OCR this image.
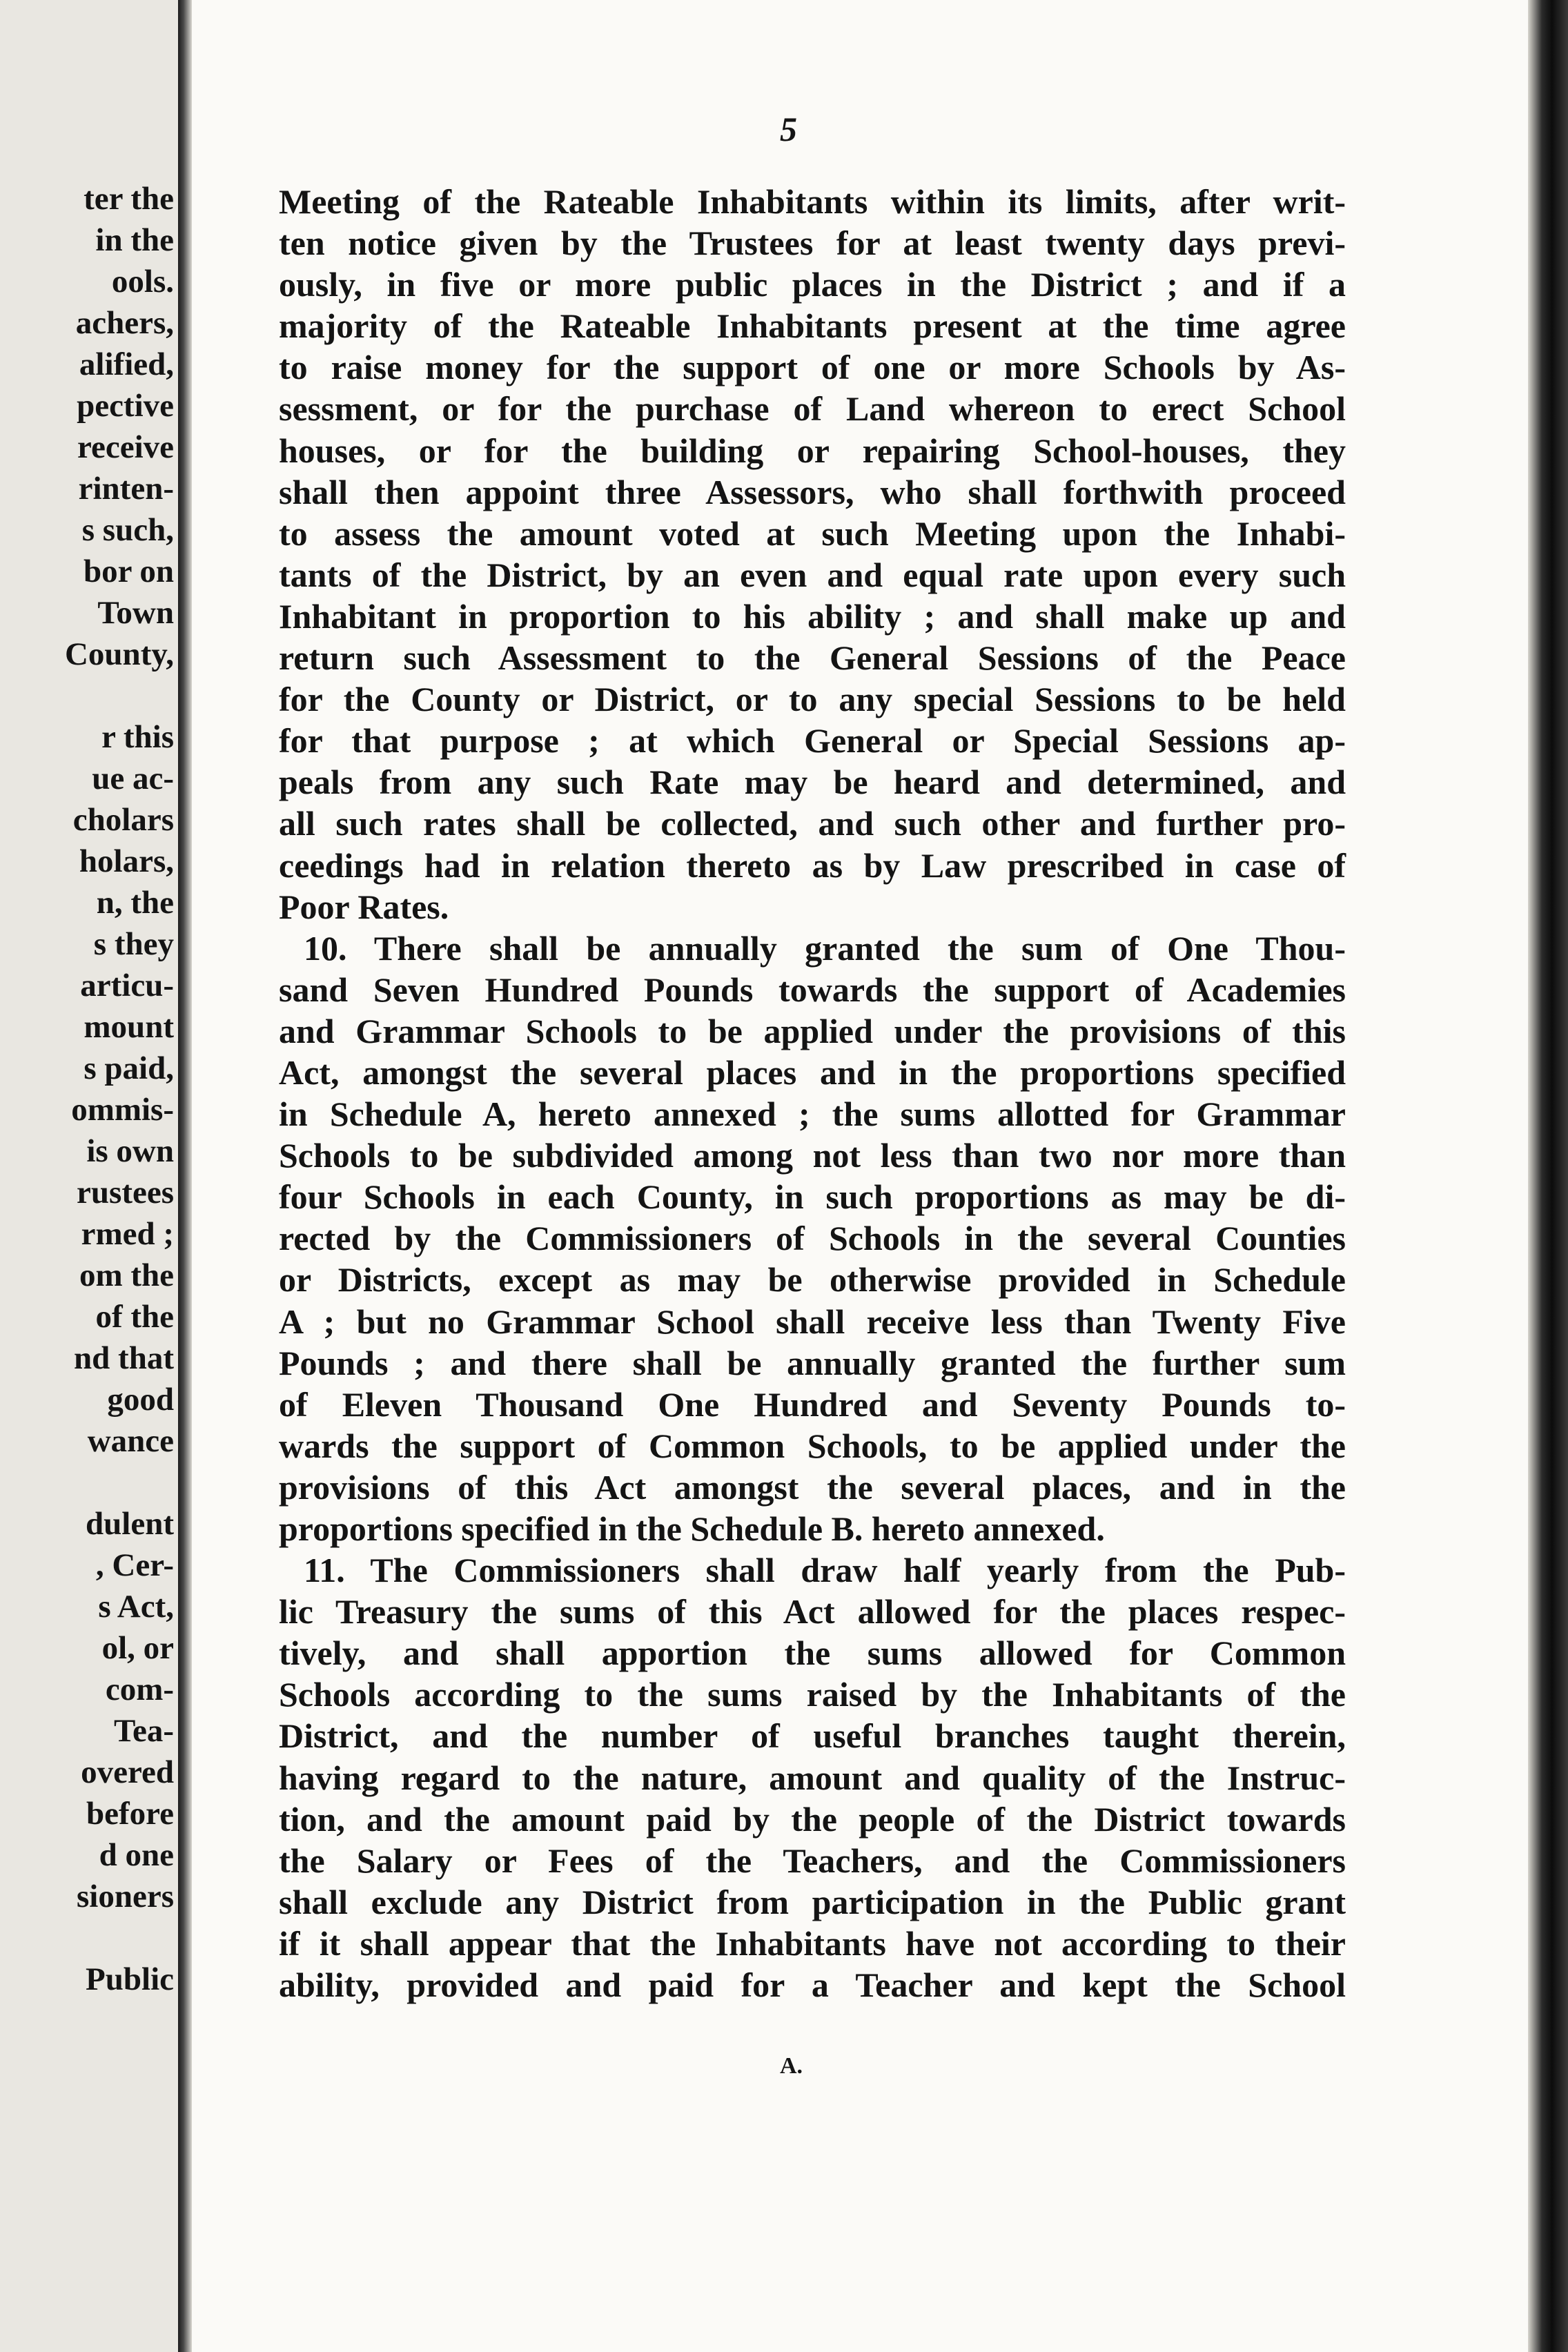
ter the
in the
ools.
achers,
alified,
pective
receive
rinten-
s such,
bor on
Town
County,
r this
ue ac-
cholars
holars,
n, the
s they
articu-
mount
s paid,
ommis-
is own
rustees
rmed ;
om the
of the
nd that
good
wance
dulent
, Cer-
s Act,
ol, or
com-
Tea-
overed
before
d one
sioners
Public
5
Meeting of the Rateable Inhabitants within its limits, after writ-
ten notice given by the Trustees for at least twenty days previ-
ously, in five or more public places in the District ; and if a
majority of the Rateable Inhabitants present at the time agree
to raise money for the support of one or more Schools by As-
sessment, or for the purchase of Land whereon to erect School
houses, or for the building or repairing School-houses, they
shall then appoint three Assessors, who shall forthwith proceed
to assess the amount voted at such Meeting upon the Inhabi-
tants of the District, by an even and equal rate upon every such
Inhabitant in proportion to his ability ; and shall make up and
return such Assessment to the General Sessions of the Peace
for the County or District, or to any special Sessions to be held
for that purpose ; at which General or Special Sessions ap-
peals from any such Rate may be heard and determined, and
all such rates shall be collected, and such other and further pro-
ceedings had in relation thereto as by Law prescribed in case of
Poor Rates.
10. There shall be annually granted the sum of One Thou-
sand Seven Hundred Pounds towards the support of Academies
and Grammar Schools to be applied under the provisions of this
Act, amongst the several places and in the proportions specified
in Schedule A, hereto annexed ; the sums allotted for Grammar
Schools to be subdivided among not less than two nor more than
four Schools in each County, in such proportions as may be di-
rected by the Commissioners of Schools in the several Counties
or Districts, except as may be otherwise provided in Schedule
A ; but no Grammar School shall receive less than Twenty Five
Pounds ; and there shall be annually granted the further sum
of Eleven Thousand One Hundred and Seventy Pounds to-
wards the support of Common Schools, to be applied under the
provisions of this Act amongst the several places, and in the
proportions specified in the Schedule B. hereto annexed.
11. The Commissioners shall draw half yearly from the Pub-
lic Treasury the sums of this Act allowed for the places respec-
tively, and shall apportion the sums allowed for Common
Schools according to the sums raised by the Inhabitants of the
District, and the number of useful branches taught therein,
having regard to the nature, amount and quality of the Instruc-
tion, and the amount paid by the people of the District towards
the Salary or Fees of the Teachers, and the Commissioners
shall exclude any District from participation in the Public grant
if it shall appear that the Inhabitants have not according to their
ability, provided and paid for a Teacher and kept the School
A.
